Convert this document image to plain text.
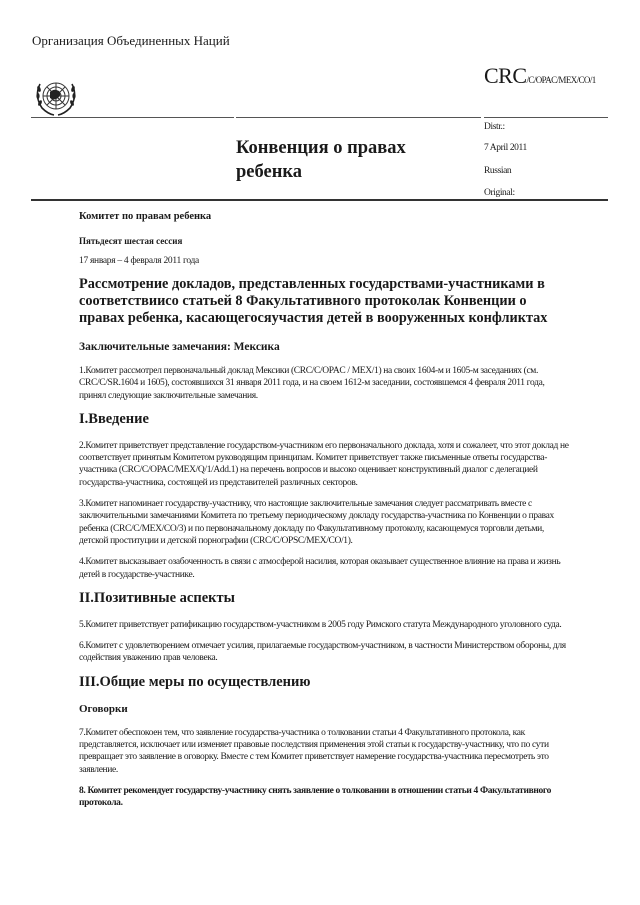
Организация Объединенных Наций
CRC/C/OPAC/MEX/CO/1
Конвенция о правах ребенка
Distr.:
7 April 2011
Russian
Original:
Комитет по правам ребенка
Пятьдесят шестая сессия
17 января – 4 февраля 2011 года
Рассмотрение докладов, представленных государствами-участниками в соответствиисо статьей 8 Факультативного протоколак Конвенции о правах ребенка, касающегосяучастия детей в вооруженных конфликтах
Заключительные замечания: Мексика
1.Комитет рассмотрел первоначальный доклад Мексики (CRC/C/OPAC / MEX/1) на своих 1604-м и 1605-м заседаниях (см. CRC/C/SR.1604 и 1605), состоявшихся 31 января 2011 года, и на своем 1612-м заседании, состоявшемся 4 февраля 2011 года, принял следующие заключительные замечания.
I.Введение
2.Комитет приветствует представление государством-участником его первоначального доклада, хотя и сожалеет, что этот доклад не соответствует принятым Комитетом руководящим принципам. Комитет приветствует также письменные ответы государства-участника (CRC/C/OPAC/MEX/Q/1/Add.1) на перечень вопросов и высоко оценивает конструктивный диалог с делегацией государства-участника, состоящей из представителей различных секторов.
3.Комитет напоминает государству-участнику, что настоящие заключительные замечания следует рассматривать вместе с заключительными замечаниями Комитета по третьему периодическому докладу государства-участника по Конвенции о правах ребенка (CRC/C/MEX/CO/3) и по первоначальному докладу по Факультативному протоколу, касающемуся торговли детьми, детской проституции и детской порнографии (CRC/C/OPSC/MEX/CO/1).
4.Комитет высказывает озабоченность в связи с атмосферой насилия, которая оказывает существенное влияние на права и жизнь детей в государстве-участнике.
II.Позитивные аспекты
5.Комитет приветствует ратификацию государством-участником в 2005 году Римского статута Международного уголовного суда.
6.Комитет с удовлетворением отмечает усилия, прилагаемые государством-участником, в частности Министерством обороны, для содействия уважению прав человека.
III.Общие меры по осуществлению
Оговорки
7.Комитет обеспокоен тем, что заявление государства-участника о толковании статьи 4 Факультативного протокола, как представляется, исключает или изменяет правовые последствия применения этой статьи к государству-участнику, что по сути превращает это заявление в оговорку. Вместе с тем Комитет приветствует намерение государства-участника пересмотреть это заявление.
8. Комитет рекомендует государству-участнику снять заявление о толковании в отношении статьи 4 Факультативного протокола.
